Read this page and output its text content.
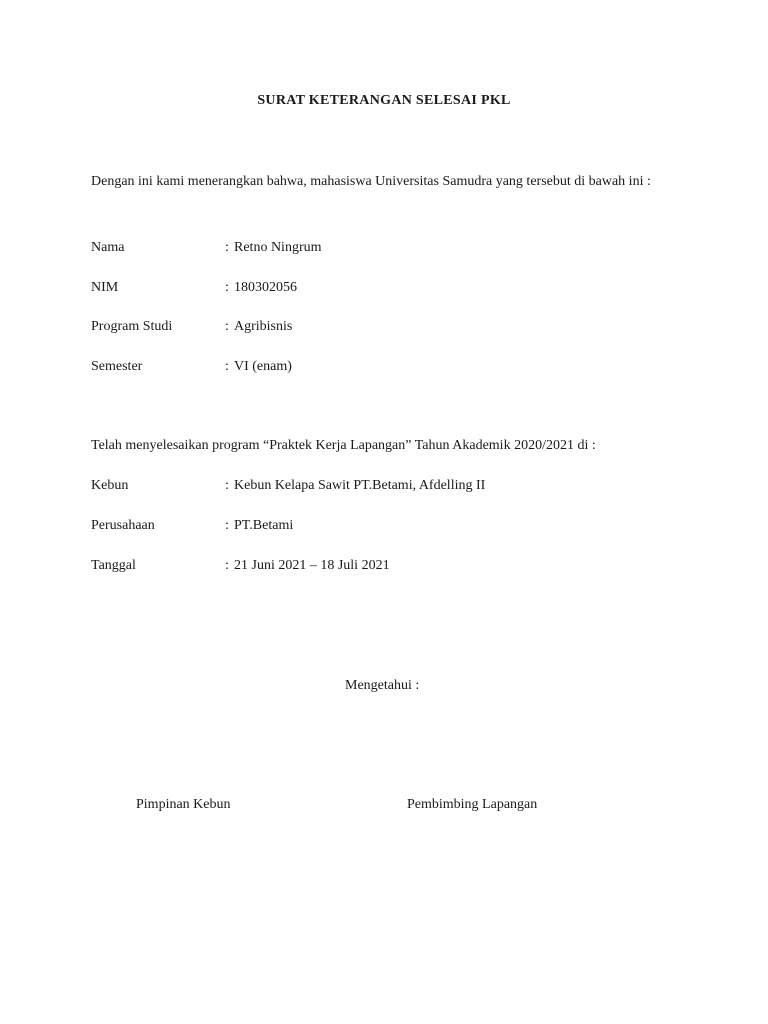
SURAT KETERANGAN SELESAI PKL

Dengan ini kami menerangkan bahwa, mahasiswa Universitas Samudra yang tersebut di bawah ini :

Nama	: Retno Ningrum
NIM	: 180302056
Program Studi	: Agribisnis
Semester	: VI (enam)

Telah menyelesaikan program “Praktek Kerja Lapangan” Tahun Akademik 2020/2021 di :

Kebun	: Kebun Kelapa Sawit PT.Betami, Afdelling II
Perusahaan	: PT.Betami
Tanggal	: 21 Juni 2021 – 18 Juli 2021
Mengetahui :
Pimpinan Kebun	Pembimbing Lapangan
